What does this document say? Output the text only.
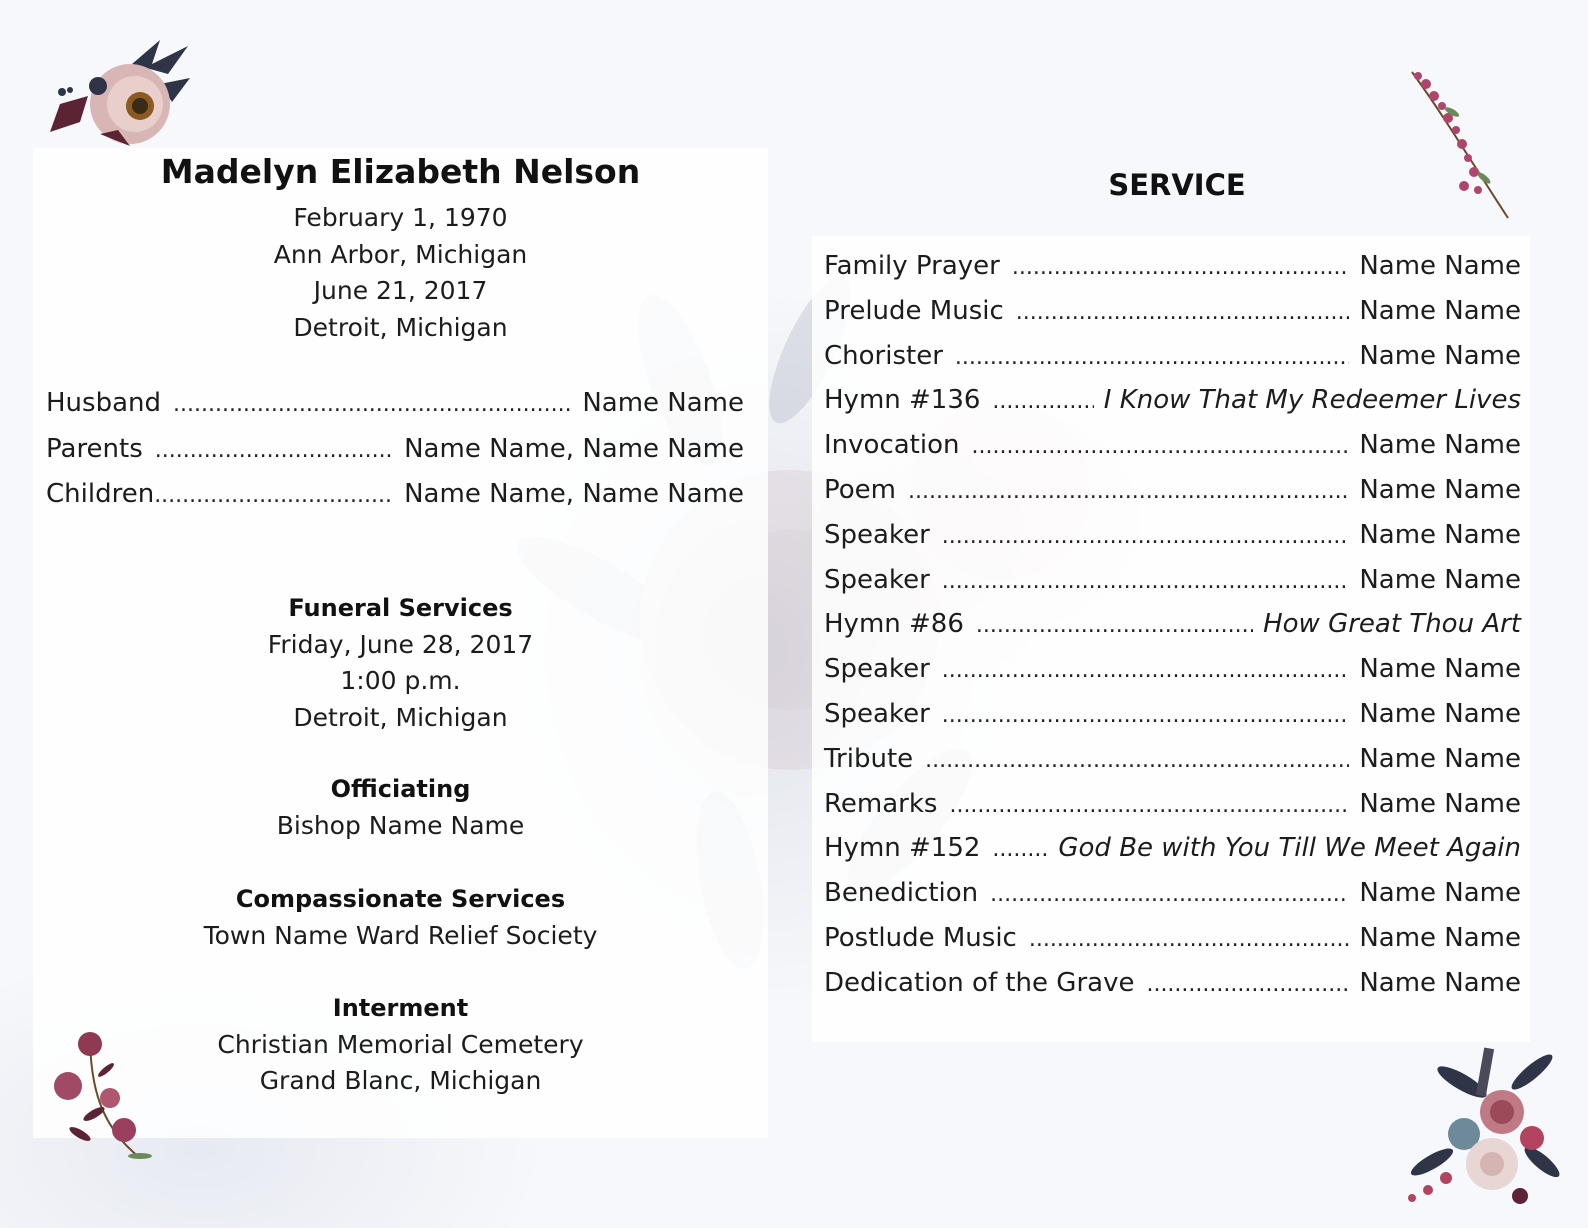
Madelyn Elizabeth Nelson
February 1, 1970
Ann Arbor, Michigan
June 21, 2017
Detroit, Michigan
Husband .....	Name Name
Parents .....	Name Name, Name Name
Children .....	Name Name, Name Name
Funeral Services
Friday, June 28, 2017
1:00 p.m.
Detroit, Michigan
Officiating
Bishop Name Name
Compassionate Services
Town Name Ward Relief Society
Interment
Christian Memorial Cemetery
Grand Blanc, Michigan
SERVICE
Family Prayer .....	Name Name
Prelude Music .....	Name Name
Chorister .....	Name Name
Hymn #136 .....	I Know That My Redeemer Lives
Invocation .....	Name Name
Poem .....	Name Name
Speaker .....	Name Name
Speaker .....	Name Name
Hymn #86 .....	How Great Thou Art
Speaker .....	Name Name
Speaker .....	Name Name
Tribute .....	Name Name
Remarks .....	Name Name
Hymn #152 .....	God Be with You Till We Meet Again
Benediction .....	Name Name
Postlude Music .....	Name Name
Dedication of the Grave .....	Name Name
